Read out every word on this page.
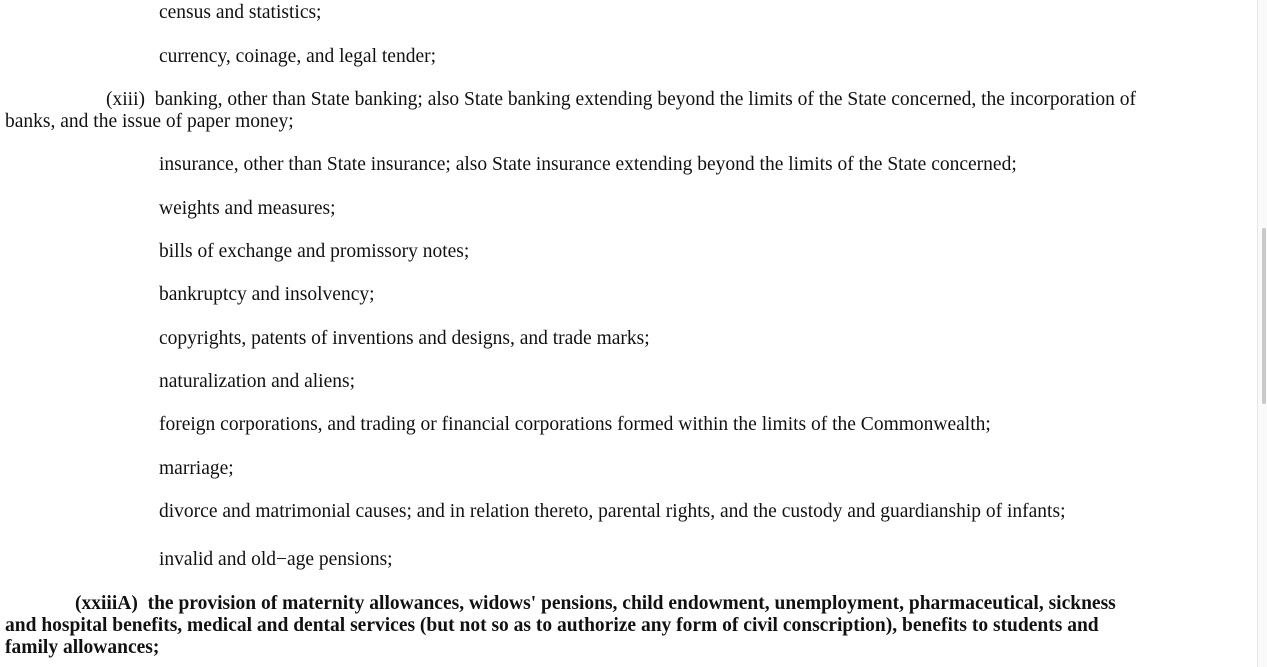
census and statistics;
currency, coinage, and legal tender;
(xiii) banking, other than State banking; also State banking extending beyond the limits of the State concerned, the incorporation of
banks, and the issue of paper money;
insurance, other than State insurance; also State insurance extending beyond the limits of the State concerned;
weights and measures;
bills of exchange and promissory notes;
bankruptcy and insolvency;
copyrights, patents of inventions and designs, and trade marks;
naturalization and aliens;
foreign corporations, and trading or financial corporations formed within the limits of the Commonwealth;
marriage;
divorce and matrimonial causes; and in relation thereto, parental rights, and the custody and guardianship of infants;
invalid and old−age pensions;
(xxiiiA) the provision of maternity allowances, widows' pensions, child endowment, unemployment, pharmaceutical, sickness
and hospital benefits, medical and dental services (but not so as to authorize any form of civil conscription), benefits to students and
family allowances;
